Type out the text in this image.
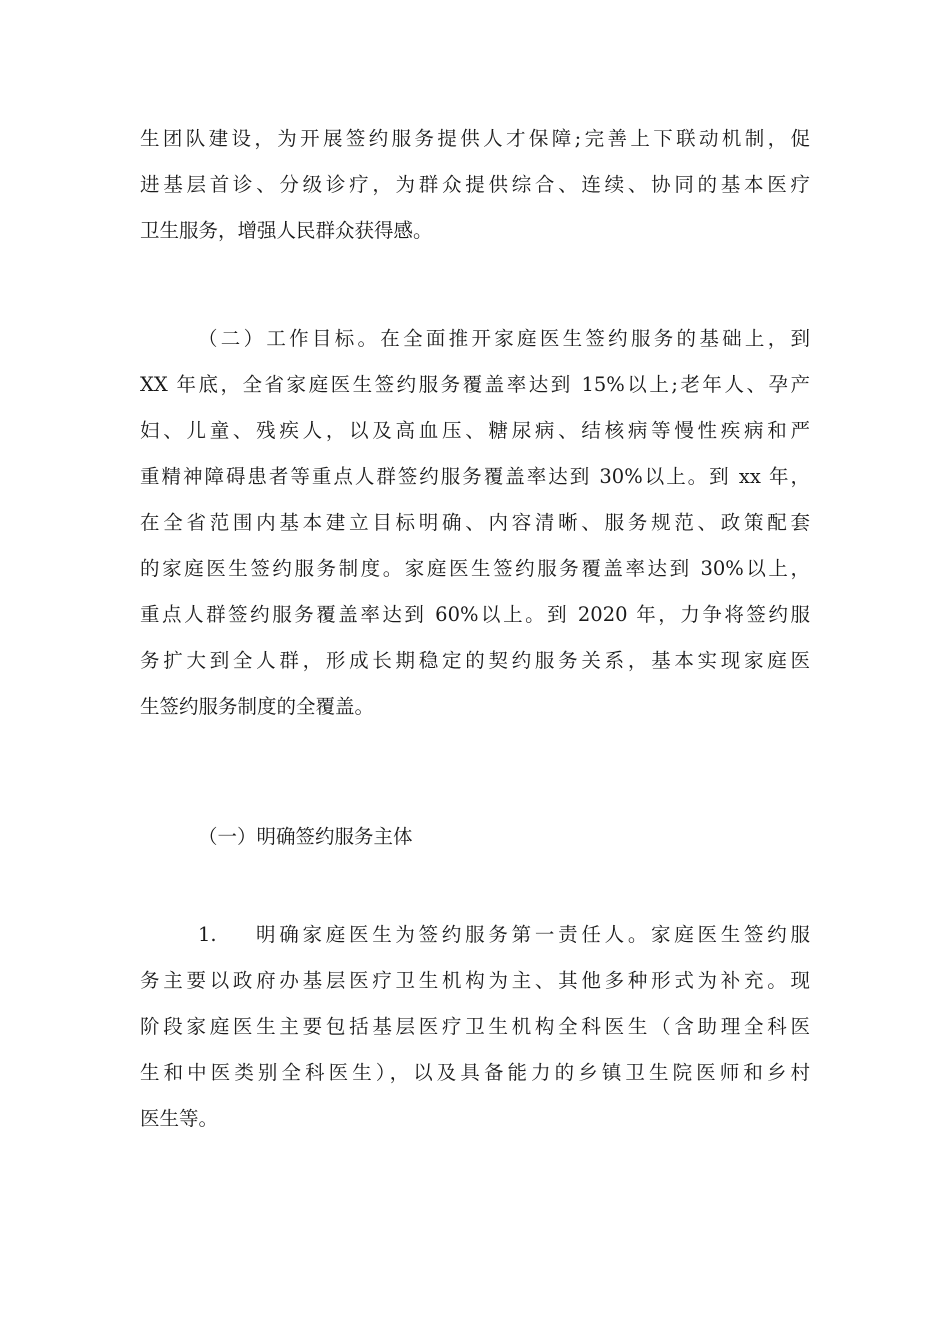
生团队建设，为开展签约服务提供人才保障;完善上下联动机制，促
进基层首诊、分级诊疗，为群众提供综合、连续、协同的基本医疗
卫生服务，增强人民群众获得感。
（二）工作目标。在全面推开家庭医生签约服务的基础上，到
XX 年底，全省家庭医生签约服务覆盖率达到 15%以上;老年人、孕产
妇、儿童、残疾人，以及高血压、糖尿病、结核病等慢性疾病和严
重精神障碍患者等重点人群签约服务覆盖率达到 30%以上。到 xx 年，
在全省范围内基本建立目标明确、内容清晰、服务规范、政策配套
的家庭医生签约服务制度。家庭医生签约服务覆盖率达到 30%以上，
重点人群签约服务覆盖率达到 60%以上。到 2020 年，力争将签约服
务扩大到全人群，形成长期稳定的契约服务关系，基本实现家庭医
生签约服务制度的全覆盖。
（一）明确签约服务主体
1.	明确家庭医生为签约服务第一责任人。家庭医生签约服
务主要以政府办基层医疗卫生机构为主、其他多种形式为补充。现
阶段家庭医生主要包括基层医疗卫生机构全科医生（含助理全科医
生和中医类别全科医生），以及具备能力的乡镇卫生院医师和乡村
医生等。
